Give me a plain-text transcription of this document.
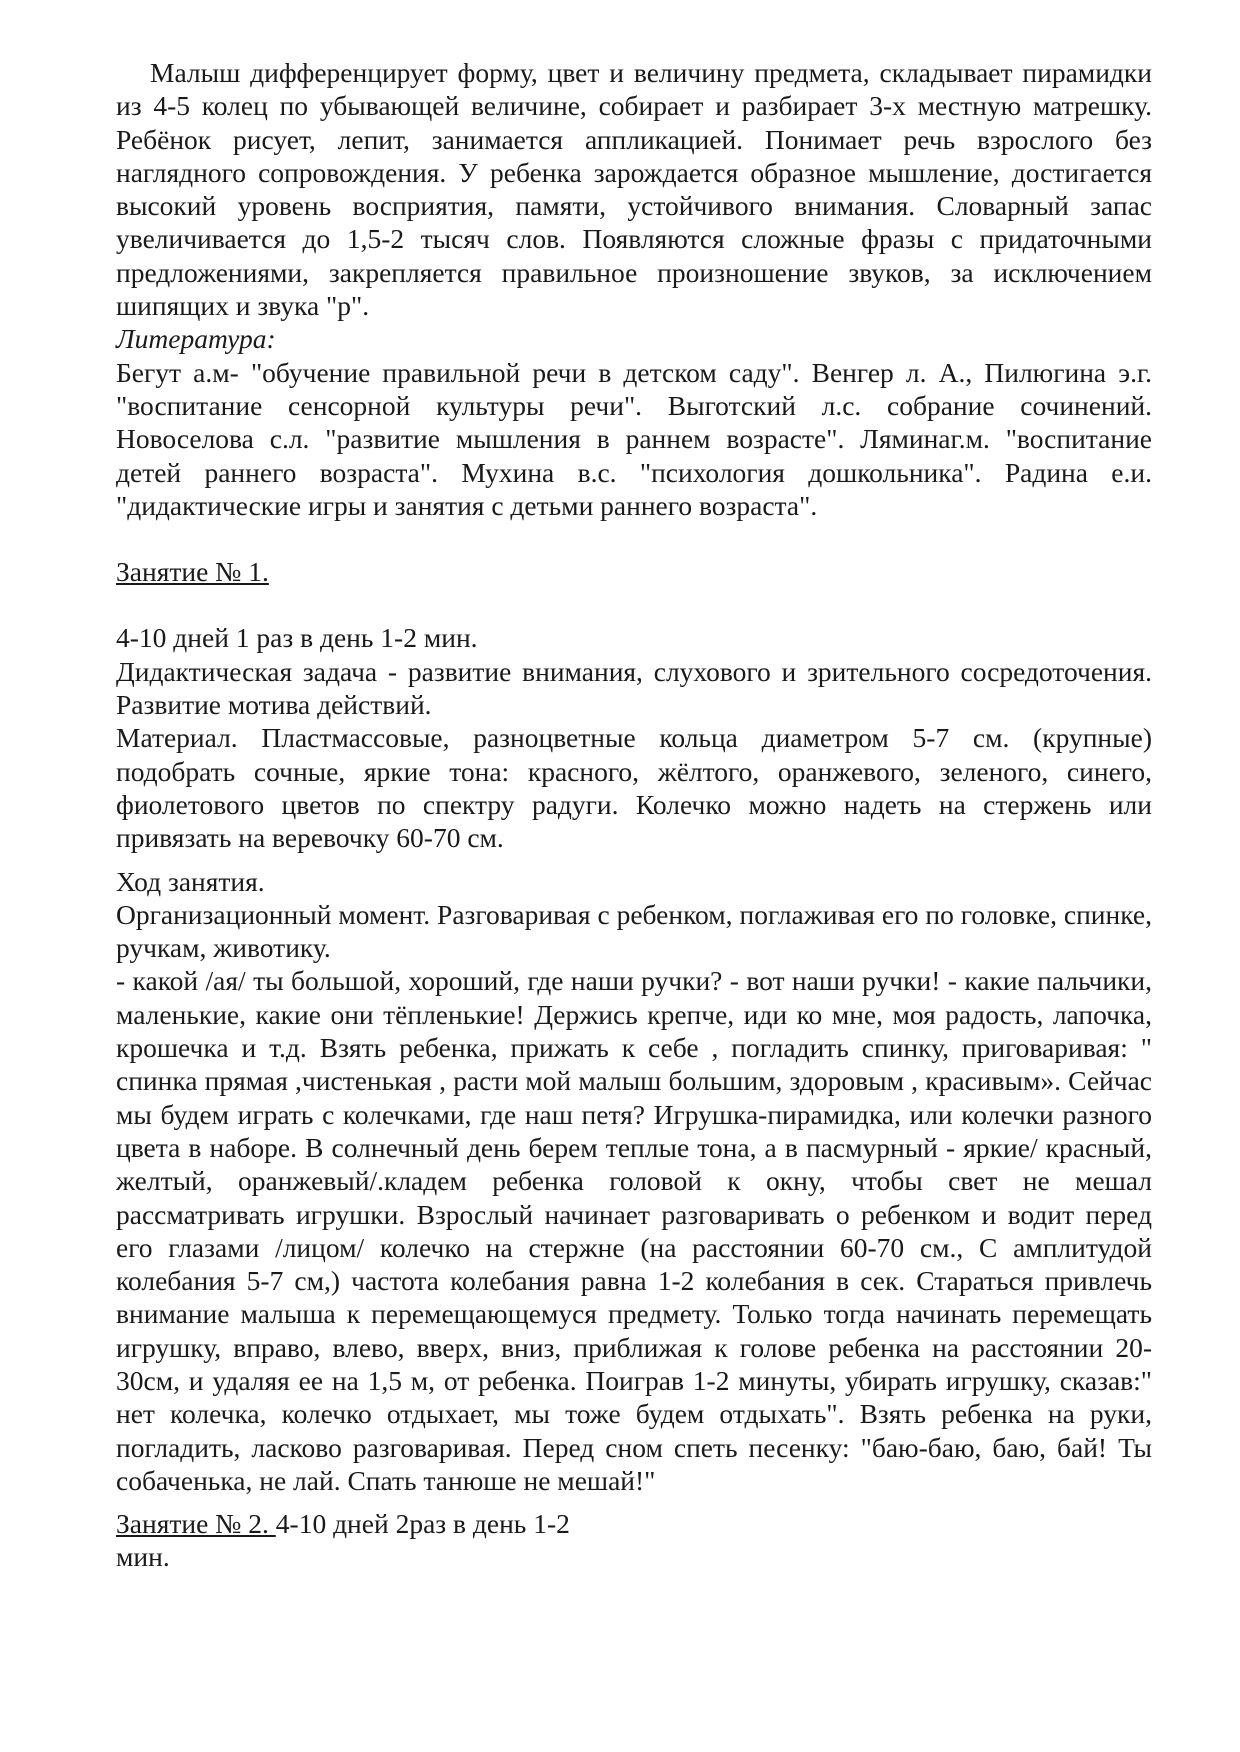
Малыш дифференцирует форму, цвет и величину предмета, складывает пирамидки из 4-5 колец по убывающей величине, собирает и разбирает 3-х местную матрешку. Ребёнок рисует, лепит, занимается аппликацией. Понимает речь взрослого без наглядного сопровождения. У ребенка зарождается образное мышление, достигается высокий уровень восприятия, памяти, устойчивого внимания. Словарный запас увеличивается до 1,5-2 тысяч слов. Появляются сложные фразы с придаточными предложениями, закрепляется правильное произношение звуков, за исключением шипящих и звука "р".

Литература:

Бегут а.м- "обучение правильной речи в детском саду". Венгер л. А., Пилюгина э.г. "воспитание сенсорной культуры речи". Выготский л.с. собрание сочинений. Новоселова с.л. "развитие мышления в раннем возрасте". Ляминаг.м. "воспитание детей раннего возраста". Мухина в.с. "психология дошкольника". Радина е.и. "дидактические игры и занятия с детьми раннего возраста".

Занятие № 1.
4-10 дней 1 раз в день 1-2 мин.

Дидактическая задача - развитие внимания, слухового и зрительного сосредоточения. Развитие мотива действий.

Материал. Пластмассовые, разноцветные кольца диаметром 5-7 см. (крупные) подобрать сочные, яркие тона: красного, жёлтого, оранжевого, зеленого, синего, фиолетового цветов по спектру радуги. Колечко можно надеть на стержень или привязать на веревочку 60-70 см.

Ход занятия.

Организационный момент. Разговаривая с ребенком, поглаживая его по головке, спинке, ручкам, животику.

- какой /ая/ ты большой, хороший, где наши ручки? - вот наши ручки! - какие пальчики, маленькие, какие они тёпленькие! Держись крепче, иди ко мне, моя радость, лапочка, крошечка и т.д. Взять ребенка, прижать к себе , погладить спинку, приговаривая: " спинка прямая ,чистенькая , расти мой малыш большим, здоровым , красивым». Сейчас мы будем играть с колечками, где наш петя? Игрушка-пирамидка, или колечки разного цвета в наборе. В солнечный день берем теплые тона, а в пасмурный - яркие/ красный, желтый, оранжевый/.кладем ребенка головой к окну, чтобы свет не мешал рассматривать игрушки. Взрослый начинает разговаривать о ребенком и водит перед его глазами /лицом/ колечко на стержне (на расстоянии 60-70 см., С амплитудой колебания 5-7 см,) частота колебания равна 1-2 колебания в сек. Стараться привлечь внимание малыша к перемещающемуся предмету. Только тогда начинать перемещать игрушку, вправо, влево, вверх, вниз, приближая к голове ребенка на расстоянии 20-30см, и удаляя ее на 1,5 м, от ребенка. Поиграв 1-2 минуты, убирать игрушку, сказав:" нет колечка, колечко отдыхает, мы тоже будем отдыхать". Взять ребенка на руки, погладить, ласково разговаривая. Перед сном спеть песенку: "баю-баю, баю, бай! Ты собаченька, не лай. Спать танюше не мешай!"

Занятие № 2. 4-10 дней 2раз в день 1-2
мин.
